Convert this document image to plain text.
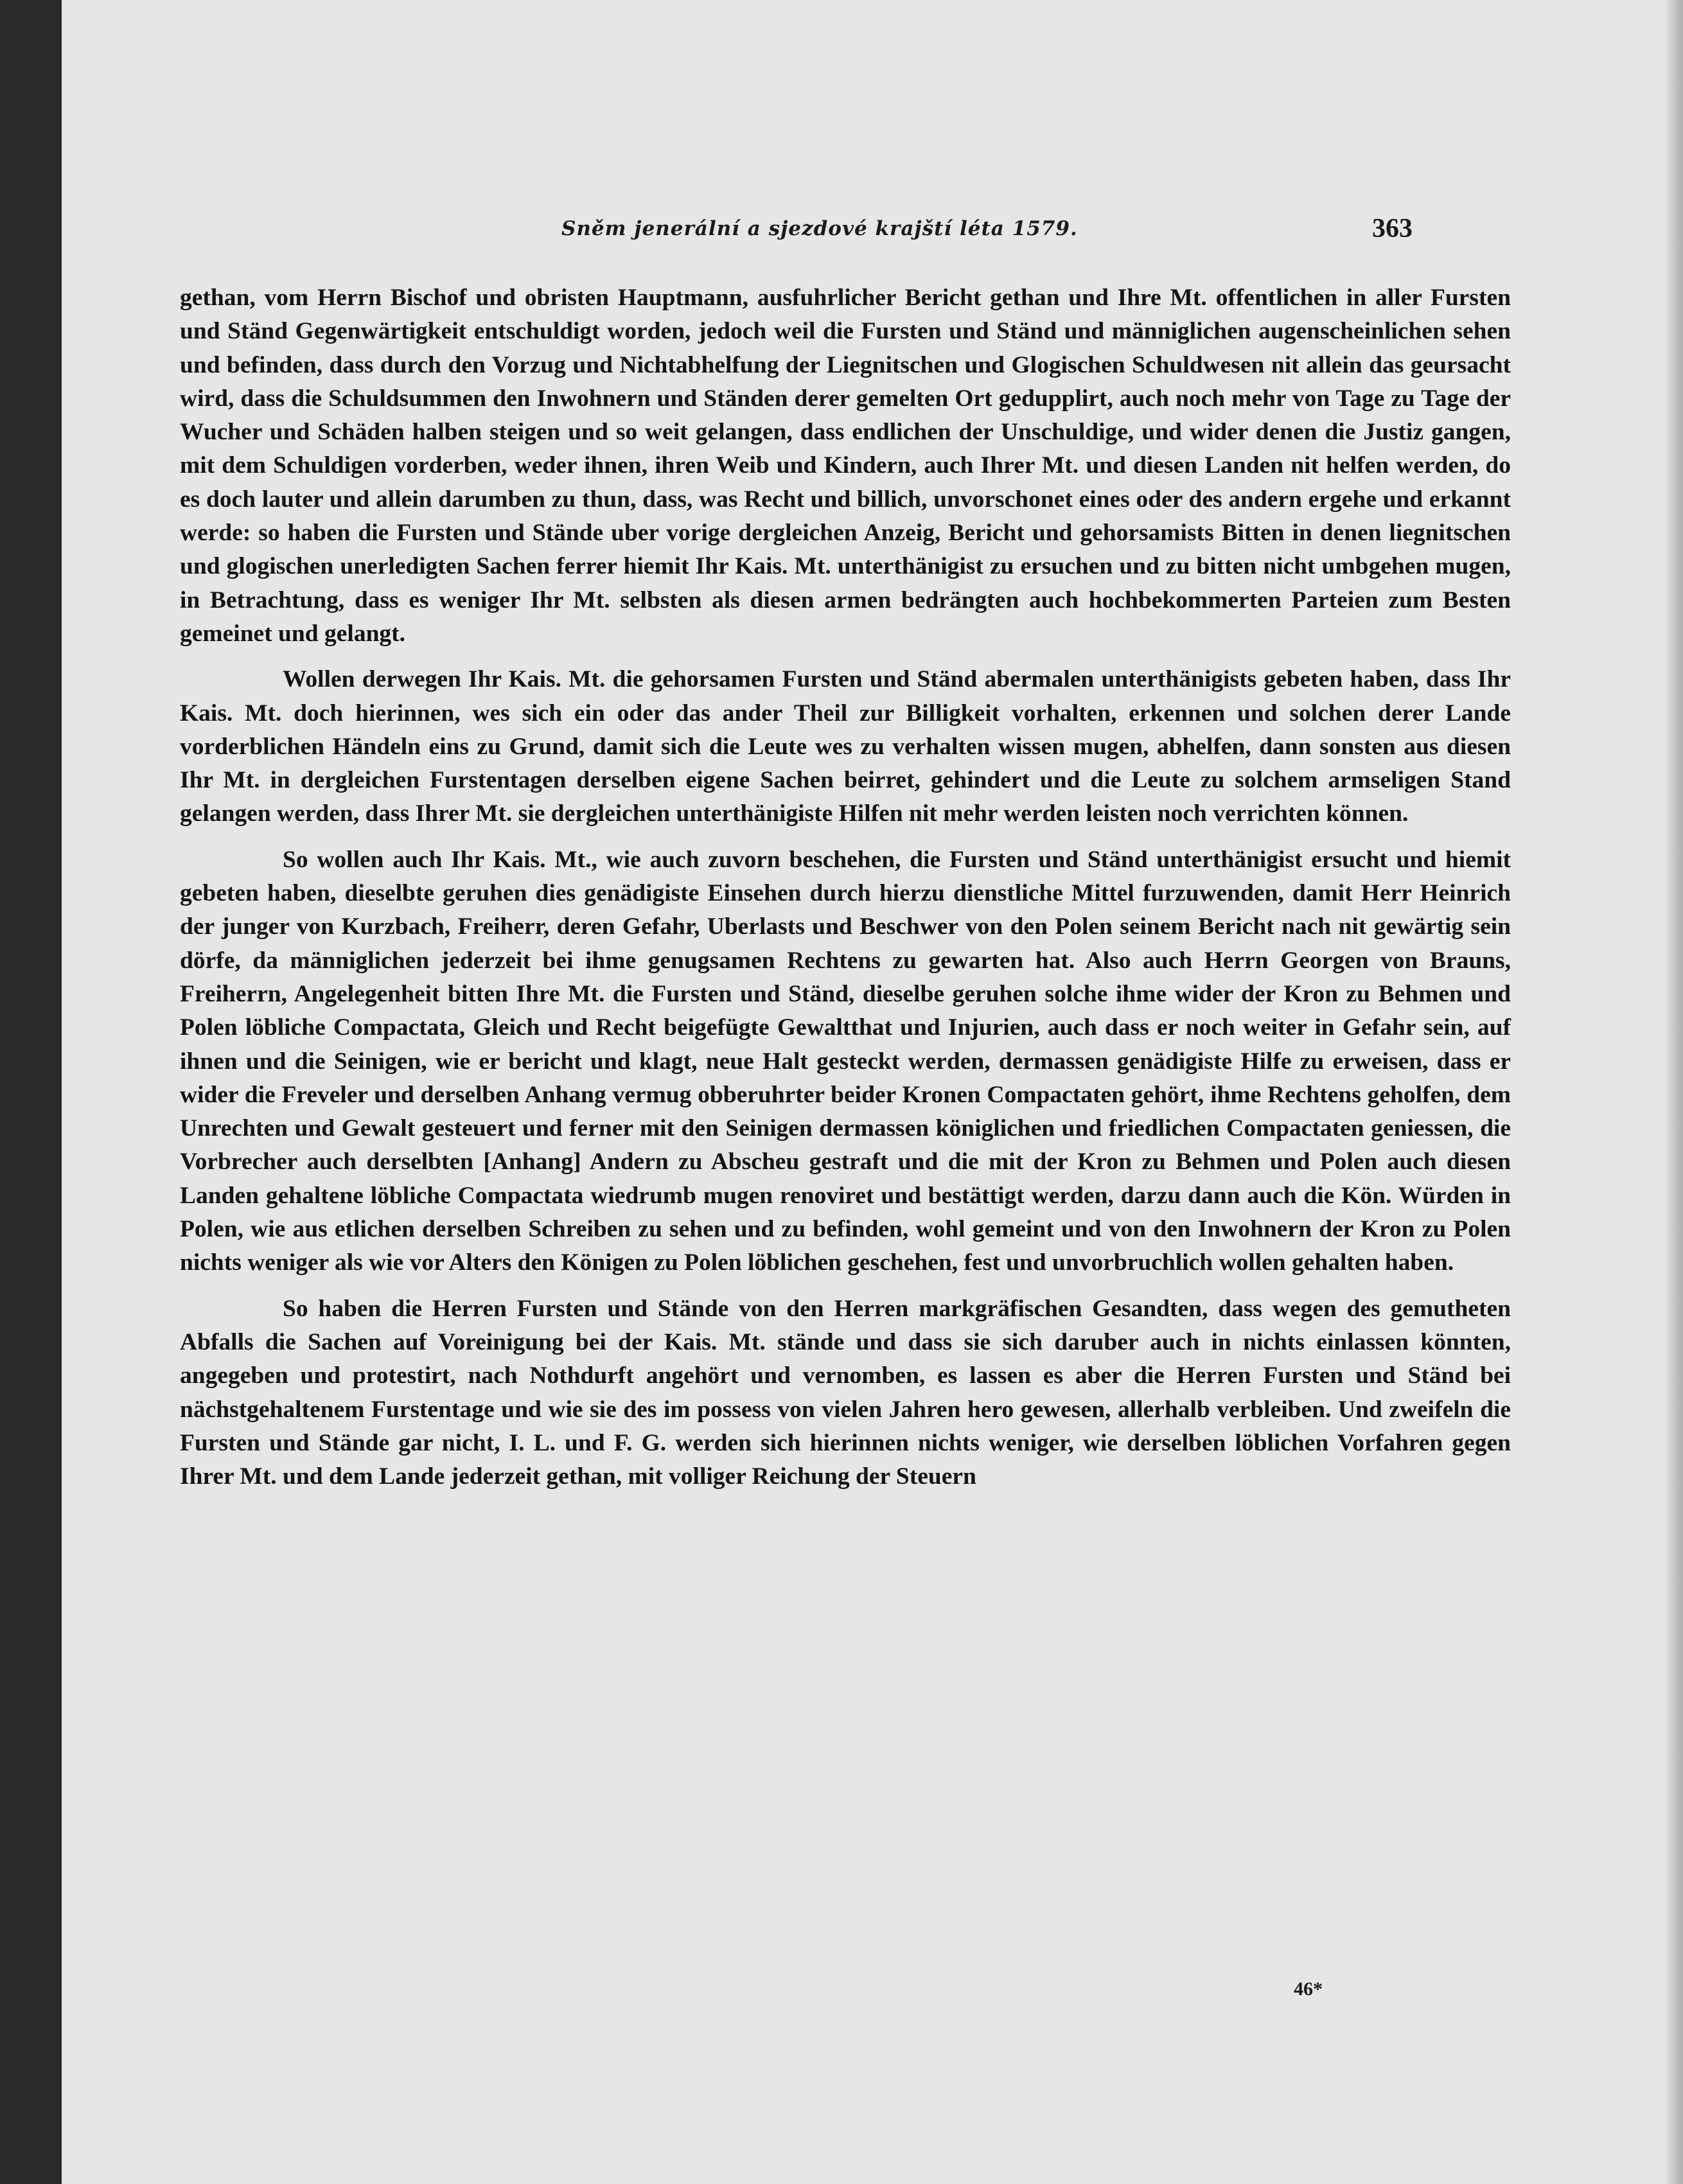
Sněm jenerální a sjezdové krajští léta 1579.	363

gethan, vom Herrn Bischof und obristen Hauptmann, ausfuhrlicher Bericht gethan und Ihre Mt. offentlichen in aller Fursten und Ständ Gegenwärtigkeit entschuldigt worden, jedoch weil die Fursten und Ständ und männiglichen augenscheinlichen sehen und befinden, dass durch den Vorzug und Nichtabhelfung der Liegnitschen und Glogischen Schuldwesen nit allein das geursacht wird, dass die Schuldsummen den Inwohnern und Ständen derer gemelten Ort gedupplirt, auch noch mehr von Tage zu Tage der Wucher und Schäden halben steigen und so weit gelangen, dass endlichen der Unschuldige, und wider denen die Justiz gangen, mit dem Schuldigen vorderben, weder ihnen, ihren Weib und Kindern, auch Ihrer Mt. und diesen Landen nit helfen werden, do es doch lauter und allein darumben zu thun, dass, was Recht und billich, unvorschonet eines oder des andern ergehe und erkannt werde: so haben die Fursten und Stände uber vorige dergleichen Anzeig, Bericht und gehorsamists Bitten in denen liegnitschen und glogischen unerledigten Sachen ferrer hiemit Ihr Kais. Mt. unterthänigist zu ersuchen und zu bitten nicht umbgehen mugen, in Betrachtung, dass es weniger Ihr Mt. selbsten als diesen armen bedrängten auch hochbekommerten Parteien zum Besten gemeinet und gelangt.

Wollen derwegen Ihr Kais. Mt. die gehorsamen Fursten und Ständ abermalen unterthänigists gebeten haben, dass Ihr Kais. Mt. doch hierinnen, wes sich ein oder das ander Theil zur Billigkeit vorhalten, erkennen und solchen derer Lande vorderblichen Händeln eins zu Grund, damit sich die Leute wes zu verhalten wissen mugen, abhelfen, dann sonsten aus diesen Ihr Mt. in dergleichen Furstentagen derselben eigene Sachen beirret, gehindert und die Leute zu solchem armseligen Stand gelangen werden, dass Ihrer Mt. sie dergleichen unterthänigiste Hilfen nit mehr werden leisten noch verrichten können.

So wollen auch Ihr Kais. Mt., wie auch zuvorn beschehen, die Fursten und Ständ unterthänigist ersucht und hiemit gebeten haben, dieselbte geruhen dies genädigiste Einsehen durch hierzu dienstliche Mittel furzuwenden, damit Herr Heinrich der junger von Kurzbach, Freiherr, deren Gefahr, Uberlasts und Beschwer von den Polen seinem Bericht nach nit gewärtig sein dörfe, da männiglichen jederzeit bei ihme genugsamen Rechtens zu gewarten hat. Also auch Herrn Georgen von Brauns, Freiherrn, Angelegenheit bitten Ihre Mt. die Fursten und Ständ, dieselbe geruhen solche ihme wider der Kron zu Behmen und Polen löbliche Compactata, Gleich und Recht beigefügte Gewaltthat und Injurien, auch dass er noch weiter in Gefahr sein, auf ihnen und die Seinigen, wie er bericht und klagt, neue Halt gesteckt werden, dermassen genädigiste Hilfe zu erweisen, dass er wider die Freveler und derselben Anhang vermug obberuhrter beider Kronen Compactaten gehört, ihme Rechtens geholfen, dem Unrechten und Gewalt gesteuert und ferner mit den Seinigen dermassen königlichen und friedlichen Compactaten geniessen, die Vorbrecher auch derselbten [Anhang] Andern zu Abscheu gestraft und die mit der Kron zu Behmen und Polen auch diesen Landen gehaltene löbliche Compactata wiedrumb mugen renoviret und bestättigt werden, darzu dann auch die Kön. Würden in Polen, wie aus etlichen derselben Schreiben zu sehen und zu befinden, wohl gemeint und von den Inwohnern der Kron zu Polen nichts weniger als wie vor Alters den Königen zu Polen löblichen geschehen, fest und unvorbruchlich wollen gehalten haben.

So haben die Herren Fursten und Stände von den Herren markgräfischen Gesandten, dass wegen des gemutheten Abfalls die Sachen auf Voreinigung bei der Kais. Mt. stände und dass sie sich daruber auch in nichts einlassen könnten, angegeben und protestirt, nach Nothdurft angehört und vernomben, es lassen es aber die Herren Fursten und Ständ bei nächstgehaltenem Furstentage und wie sie des im possess von vielen Jahren hero gewesen, allerhalb verbleiben. Und zweifeln die Fursten und Stände gar nicht, I. L. und F. G. werden sich hierinnen nichts weniger, wie derselben löblichen Vorfahren gegen Ihrer Mt. und dem Lande jederzeit gethan, mit volliger Reichung der Steuern

46*
